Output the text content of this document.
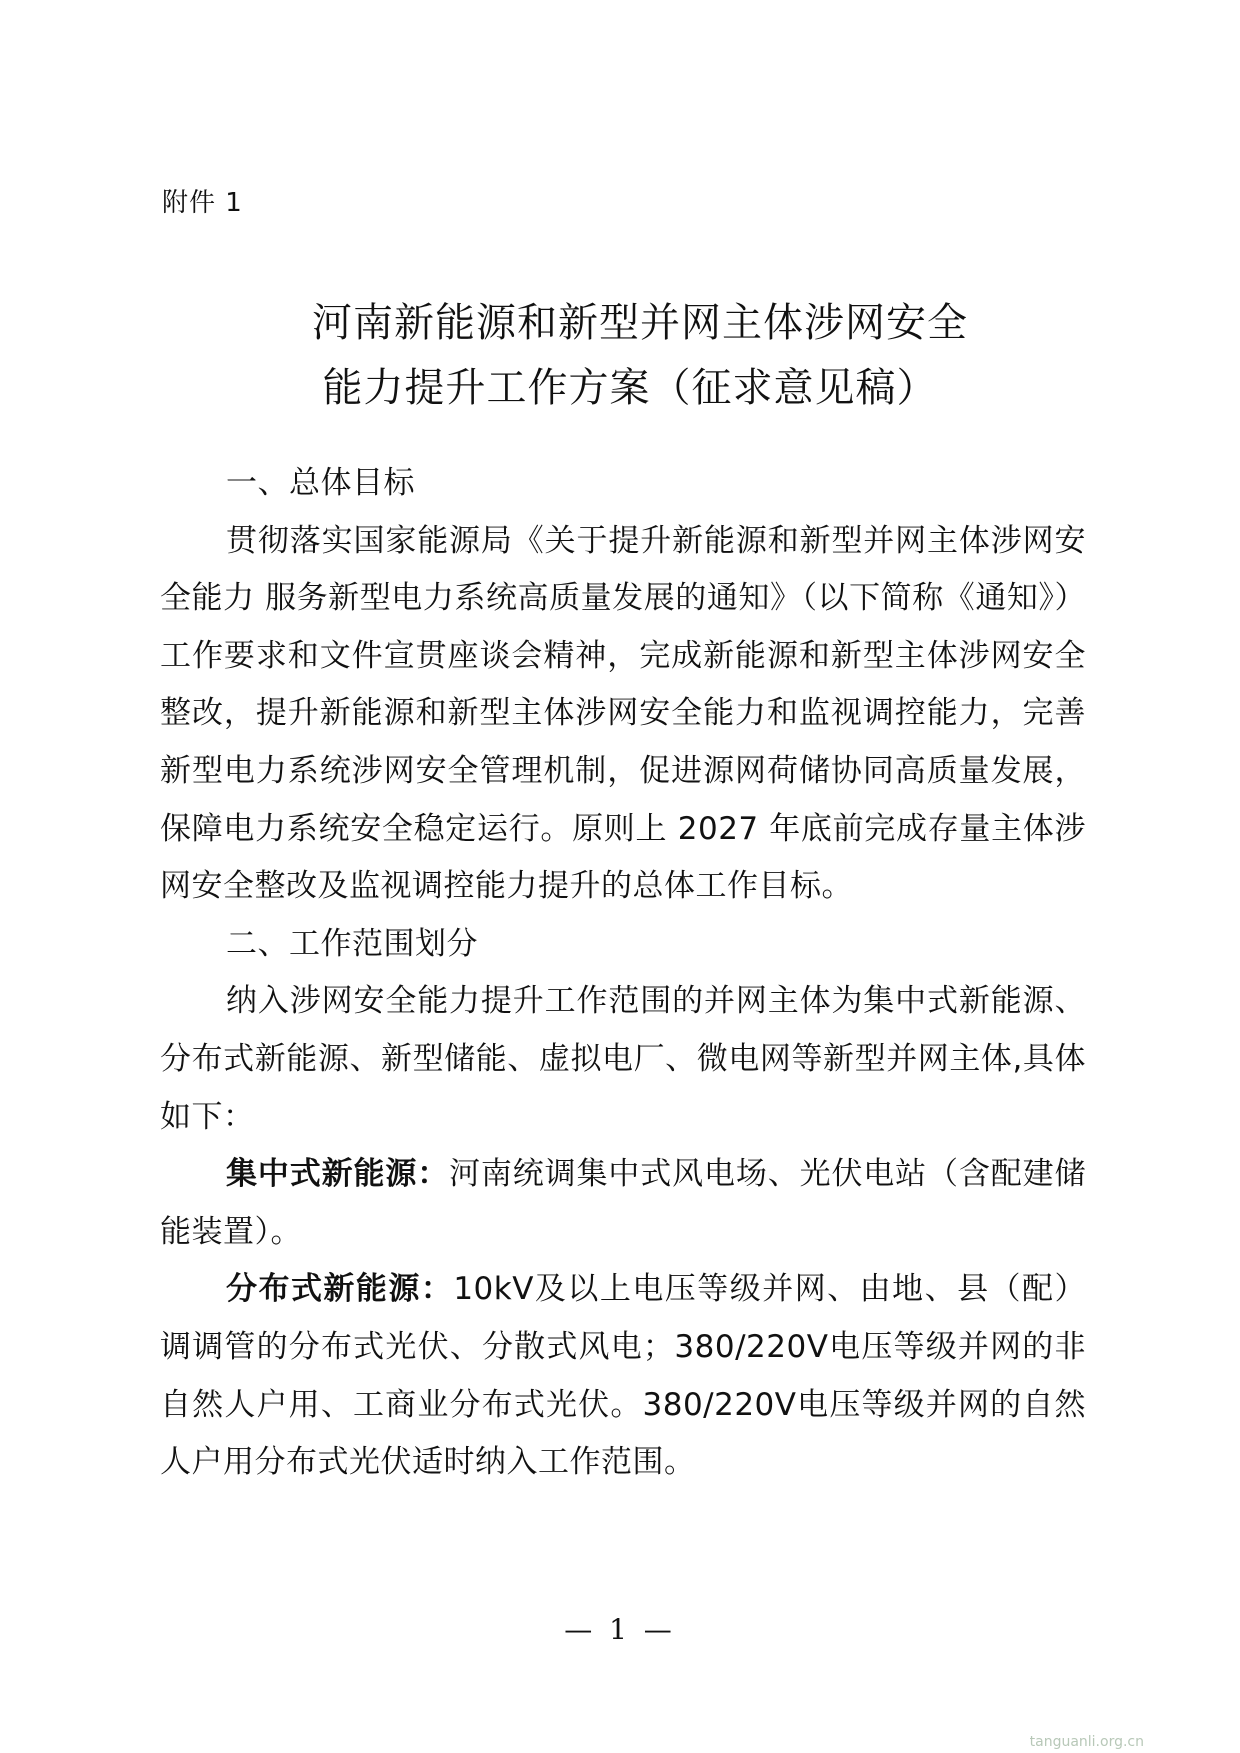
附件 1
河南新能源和新型并网主体涉网安全
能力提升工作方案（征求意见稿）

一、总体目标

贯彻落实国家能源局《关于提升新能源和新型并网主体涉网安全能力 服务新型电力系统高质量发展的通知》（以下简称《通知》）工作要求和文件宣贯座谈会精神，完成新能源和新型主体涉网安全整改，提升新能源和新型主体涉网安全能力和监视调控能力，完善新型电力系统涉网安全管理机制，促进源网荷储协同高质量发展，保障电力系统安全稳定运行。原则上 2027 年底前完成存量主体涉网安全整改及监视调控能力提升的总体工作目标。

二、工作范围划分

纳入涉网安全能力提升工作范围的并网主体为集中式新能源、分布式新能源、新型储能、虚拟电厂、微电网等新型并网主体,具体如下：

集中式新能源：河南统调集中式风电场、光伏电站（含配建储能装置）。

分布式新能源：10kV及以上电压等级并网、由地、县（配）调调管的分布式光伏、分散式风电；380/220V电压等级并网的非自然人户用、工商业分布式光伏。380/220V电压等级并网的自然人户用分布式光伏适时纳入工作范围。

— 1 —
tanguanli.org.cn
